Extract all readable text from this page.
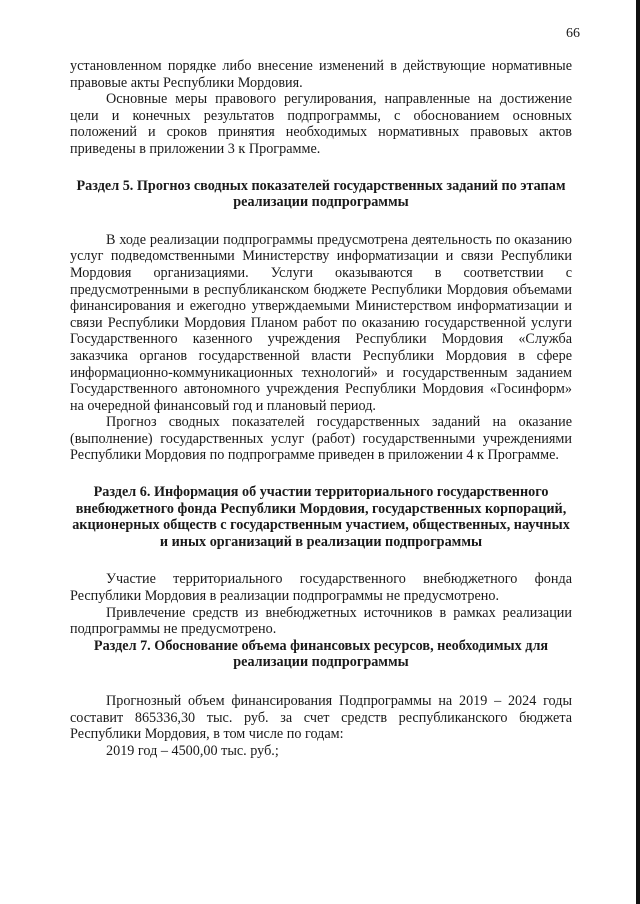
66

установленном порядке либо внесение изменений в действующие нормативные правовые акты Республики Мордовия.

Основные меры правового регулирования, направленные на достижение цели и конечных результатов подпрограммы, с обоснованием основных положений и сроков принятия необходимых нормативных правовых актов приведены в приложении 3 к Программе.

Раздел 5. Прогноз сводных показателей государственных заданий по этапам реализации подпрограммы

В ходе реализации подпрограммы предусмотрена деятельность по оказанию услуг подведомственными Министерству информатизации и связи Республики Мордовия организациями. Услуги оказываются в соответствии с предусмотренными в республиканском бюджете Республики Мордовия объемами финансирования и ежегодно утверждаемыми Министерством информатизации и связи Республики Мордовия Планом работ по оказанию государственной услуги Государственного казенного учреждения Республики Мордовия «Служба заказчика органов государственной власти Республики Мордовия в сфере информационно-коммуникационных технологий» и государственным заданием Государственного автономного учреждения Республики Мордовия «Госинформ» на очередной финансовый год и плановый период.

Прогноз сводных показателей государственных заданий на оказание (выполнение) государственных услуг (работ) государственными учреждениями Республики Мордовия по подпрограмме приведен в приложении 4 к Программе.

Раздел 6. Информация об участии территориального государственного внебюджетного фонда Республики Мордовия, государственных корпораций, акционерных обществ с государственным участием, общественных, научных и иных организаций в реализации подпрограммы

Участие территориального государственного внебюджетного фонда Республики Мордовия в реализации подпрограммы не предусмотрено.

Привлечение средств из внебюджетных источников в рамках реализации подпрограммы не предусмотрено.

Раздел 7. Обоснование объема финансовых ресурсов, необходимых для реализации подпрограммы

Прогнозный объем финансирования Подпрограммы на 2019 – 2024 годы составит 865336,30 тыс. руб. за счет средств республиканского бюджета Республики Мордовия, в том числе по годам:

2019 год – 4500,00 тыс. руб.;
